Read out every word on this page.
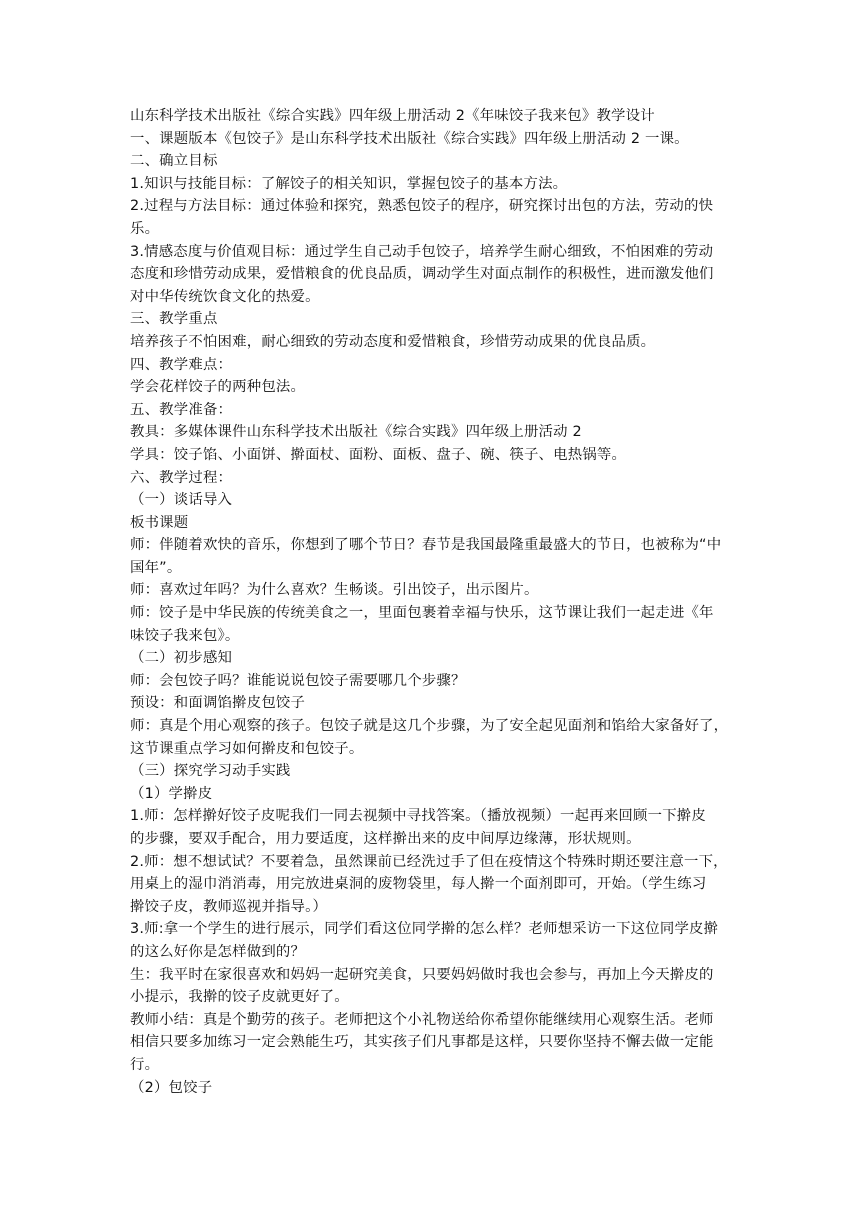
山东科学技术出版社《综合实践》四年级上册活动 2《年味饺子我来包》教学设计
一、课题版本《包饺子》是山东科学技术出版社《综合实践》四年级上册活动 2 一课。
二、确立目标
1.知识与技能目标：了解饺子的相关知识，掌握包饺子的基本方法。
2.过程与方法目标：通过体验和探究，熟悉包饺子的程序，研究探讨出包的方法，劳动的快
乐。
3.情感态度与价值观目标：通过学生自己动手包饺子，培养学生耐心细致，不怕困难的劳动
态度和珍惜劳动成果，爱惜粮食的优良品质，调动学生对面点制作的积极性，进而激发他们
对中华传统饮食文化的热爱。
三、教学重点
培养孩子不怕困难，耐心细致的劳动态度和爱惜粮食，珍惜劳动成果的优良品质。
四、教学难点：
学会花样饺子的两种包法。
五、教学准备：
教具：多媒体课件山东科学技术出版社《综合实践》四年级上册活动 2
学具：饺子馅、小面饼、擀面杖、面粉、面板、盘子、碗、筷子、电热锅等。
六、教学过程：
（一）谈话导入
板书课题
师：伴随着欢快的音乐，你想到了哪个节日？春节是我国最隆重最盛大的节日，也被称为“中
国年”。
师：喜欢过年吗？为什么喜欢？生畅谈。引出饺子，出示图片。
师：饺子是中华民族的传统美食之一，里面包裹着幸福与快乐，这节课让我们一起走进《年
味饺子我来包》。
（二）初步感知
师：会包饺子吗？谁能说说包饺子需要哪几个步骤？
预设：和面调馅擀皮包饺子
师：真是个用心观察的孩子。包饺子就是这几个步骤，为了安全起见面剂和馅给大家备好了，
这节课重点学习如何擀皮和包饺子。
（三）探究学习动手实践
（1）学擀皮
1.师：怎样擀好饺子皮呢我们一同去视频中寻找答案。（播放视频）一起再来回顾一下擀皮
的步骤，要双手配合，用力要适度，这样擀出来的皮中间厚边缘薄，形状规则。
2.师：想不想试试？不要着急，虽然课前已经洗过手了但在疫情这个特殊时期还要注意一下，
用桌上的湿巾消消毒，用完放进桌洞的废物袋里，每人擀一个面剂即可，开始。（学生练习
擀饺子皮，教师巡视并指导。）
3.师:拿一个学生的进行展示，同学们看这位同学擀的怎么样？老师想采访一下这位同学皮擀
的这么好你是怎样做到的？
生：我平时在家很喜欢和妈妈一起研究美食，只要妈妈做时我也会参与，再加上今天擀皮的
小提示，我擀的饺子皮就更好了。
教师小结：真是个勤劳的孩子。老师把这个小礼物送给你希望你能继续用心观察生活。老师
相信只要多加练习一定会熟能生巧，其实孩子们凡事都是这样，只要你坚持不懈去做一定能
行。
（2）包饺子
